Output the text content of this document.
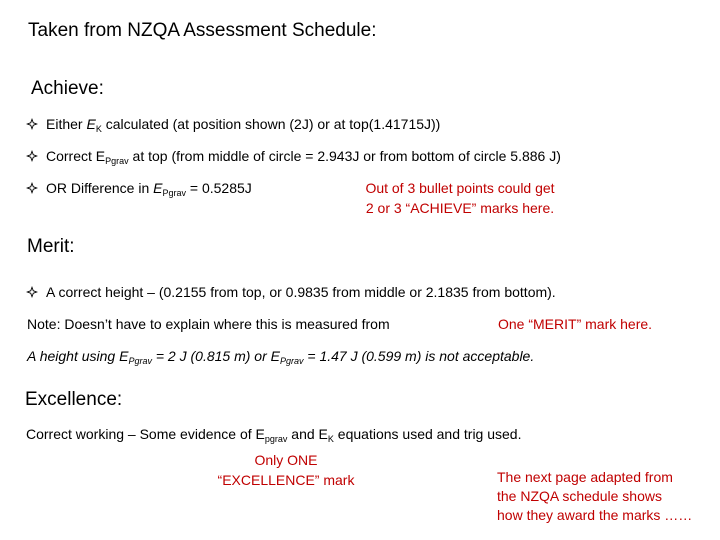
Taken from NZQA Assessment Schedule:
Achieve:
Either $E_K$ calculated (at position shown (2J) or at top(1.41715J))
Correct $E_{Pgrav}$ at top (from middle of circle = 2.943J or from bottom of circle 5.886 J)
OR Difference in $E_{Pgrav} = 0.5285J$	Out of 3 bullet points could get
2 or 3 “ACHIEVE” marks here.
Merit:
A correct height – (0.2155 from top, or 0.9835 from middle or 2.1835 from bottom).
Note: Doesn’t have to explain where this is measured from	One “MERIT” mark here.
A height using $E_{Pgrav} = 2$ J (0.815 m) or $E_{Pgrav} = 1.47$ J (0.599 m) is not acceptable.
Excellence:
Correct working – Some evidence of $E_{pgrav}$ and $E_K$ equations used and trig used.
Only ONE
“EXCELLENCE” mark	The next page adapted from
the NZQA schedule shows
how they award the marks ……
